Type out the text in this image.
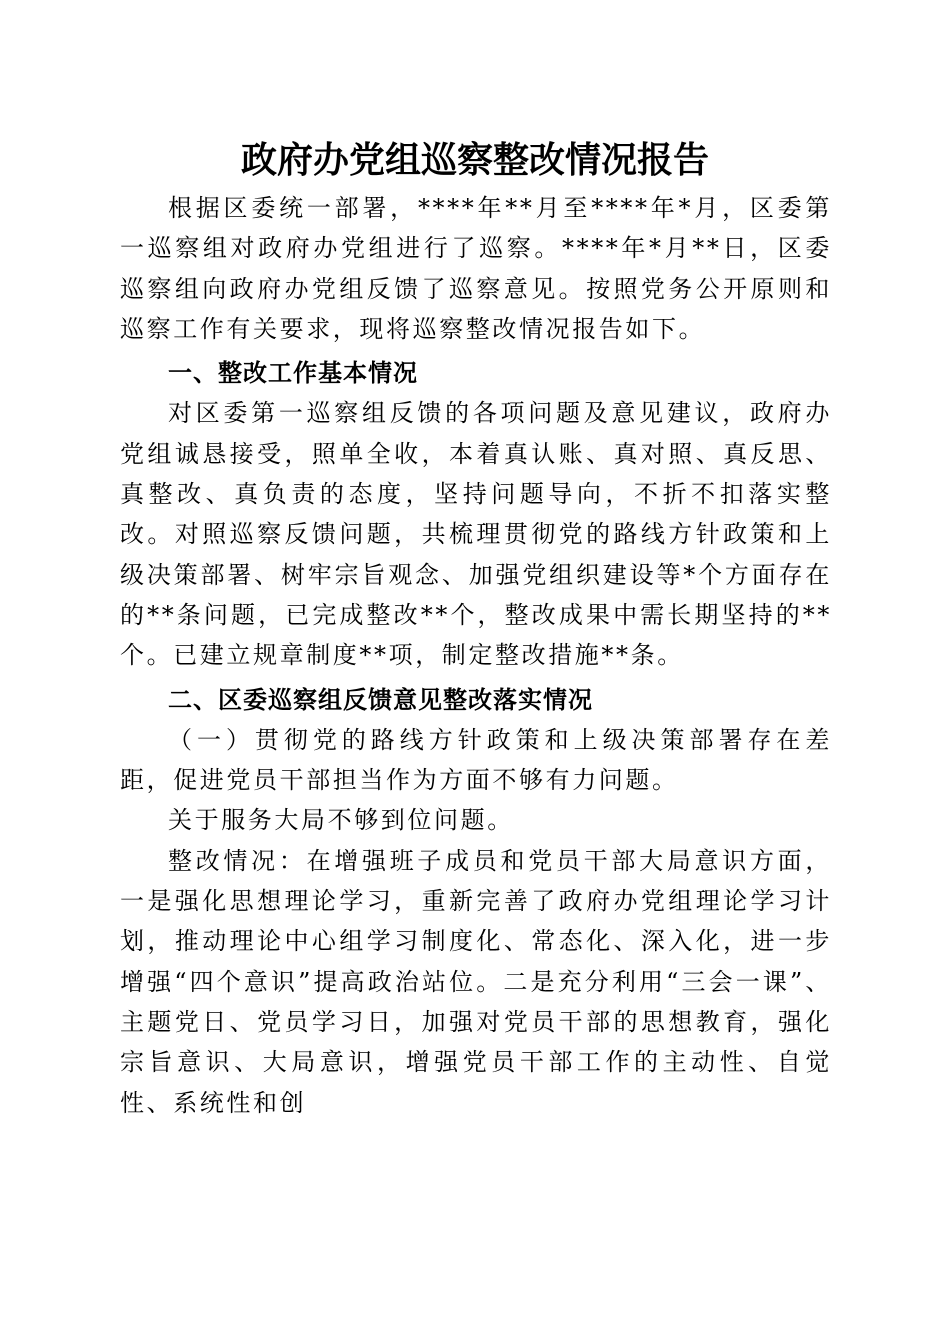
政府办党组巡察整改情况报告

根据区委统一部署，****年**月至****年*月，区委第一巡察组对政府办党组进行了巡察。****年*月**日，区委巡察组向政府办党组反馈了巡察意见。按照党务公开原则和巡察工作有关要求，现将巡察整改情况报告如下。

一、整改工作基本情况

对区委第一巡察组反馈的各项问题及意见建议，政府办党组诚恳接受，照单全收，本着真认账、真对照、真反思、真整改、真负责的态度，坚持问题导向，不折不扣落实整改。对照巡察反馈问题，共梳理贯彻党的路线方针政策和上级决策部署、树牢宗旨观念、加强党组织建设等*个方面存在的**条问题，已完成整改**个，整改成果中需长期坚持的**个。已建立规章制度**项，制定整改措施**条。

二、区委巡察组反馈意见整改落实情况

（一）贯彻党的路线方针政策和上级决策部署存在差距，促进党员干部担当作为方面不够有力问题。

关于服务大局不够到位问题。

整改情况：在增强班子成员和党员干部大局意识方面，一是强化思想理论学习，重新完善了政府办党组理论学习计划，推动理论中心组学习制度化、常态化、深入化，进一步增强“四个意识”提高政治站位。二是充分利用“三会一课”、主题党日、党员学习日，加强对党员干部的思想教育，强化宗旨意识、大局意识，增强党员干部工作的主动性、自觉性、系统性和创
